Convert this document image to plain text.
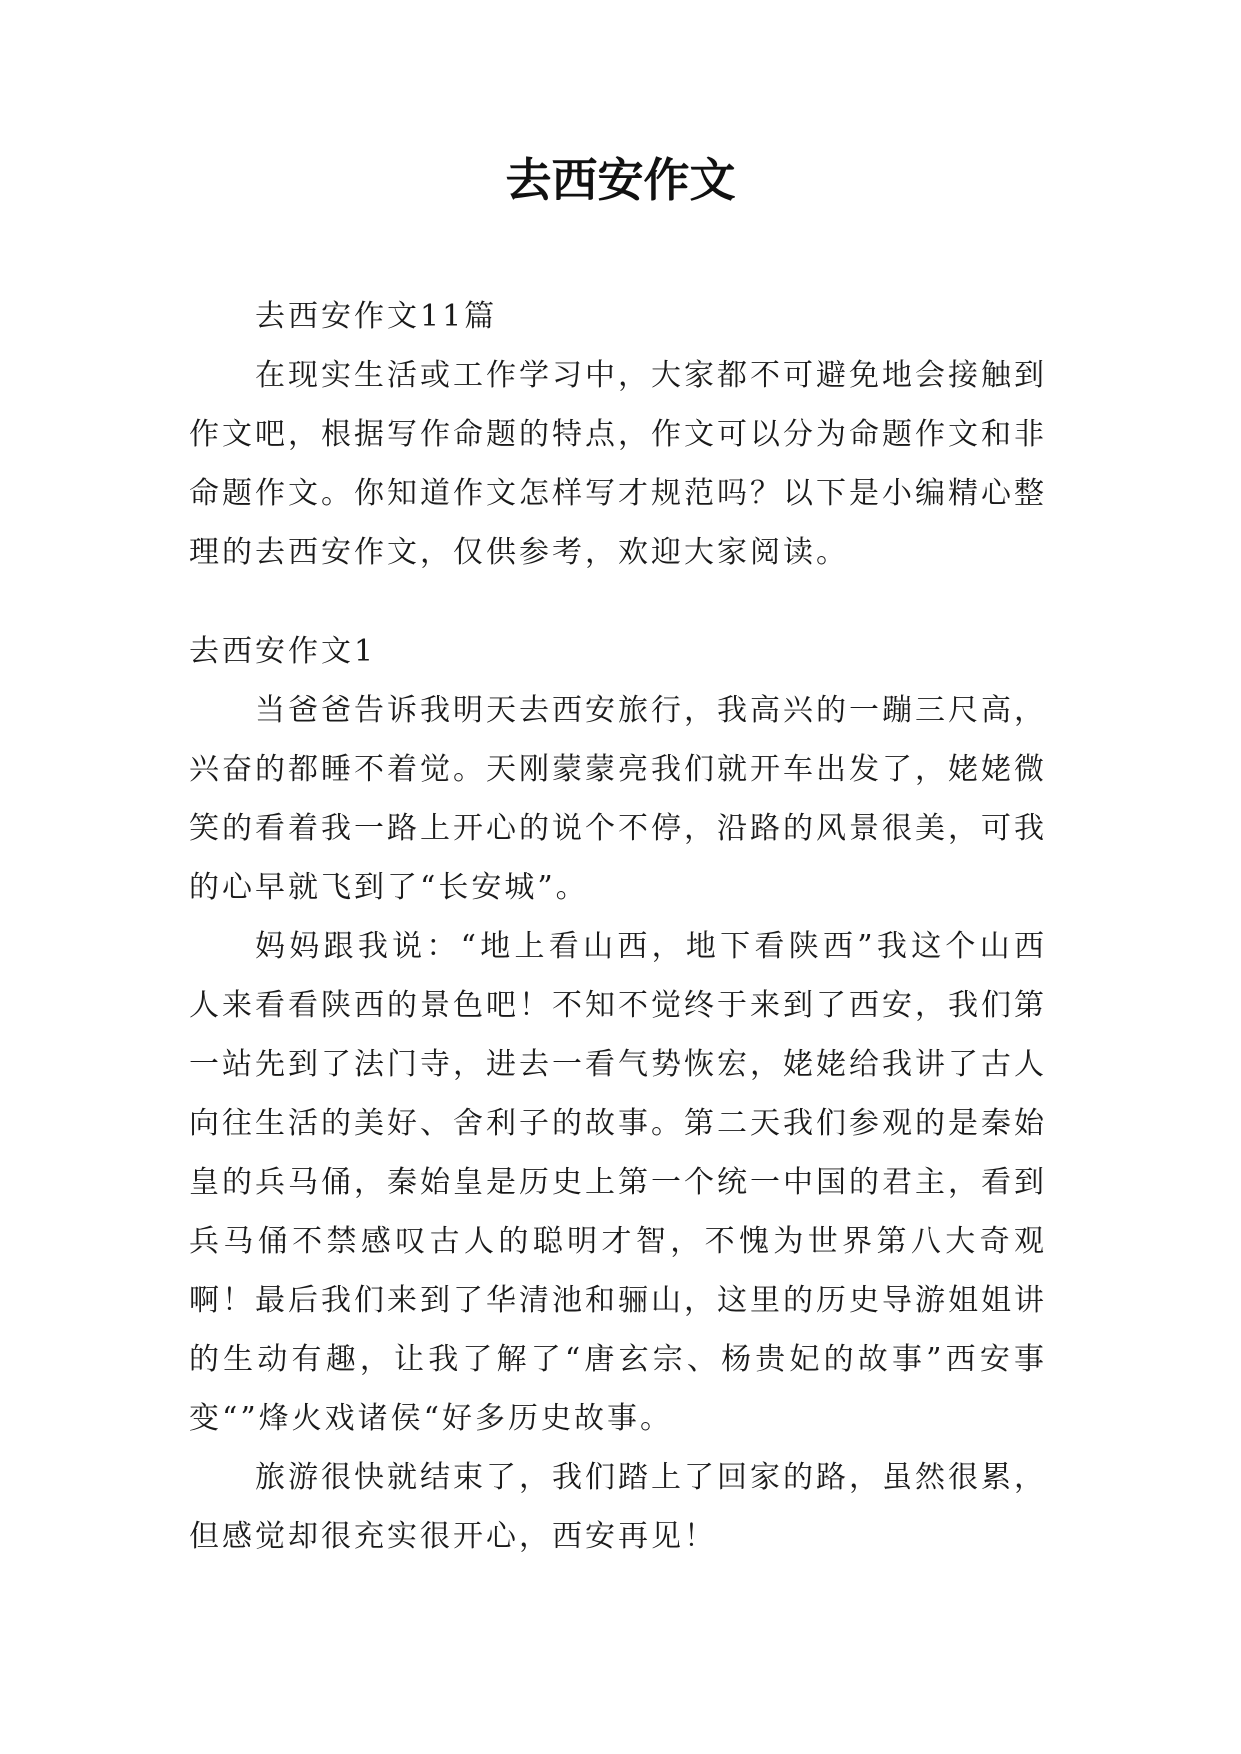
去西安作文

去西安作文11篇

在现实生活或工作学习中，大家都不可避免地会接触到作文吧，根据写作命题的特点，作文可以分为命题作文和非命题作文。你知道作文怎样写才规范吗？以下是小编精心整理的去西安作文，仅供参考，欢迎大家阅读。

去西安作文1

当爸爸告诉我明天去西安旅行，我高兴的一蹦三尺高，兴奋的都睡不着觉。天刚蒙蒙亮我们就开车出发了，姥姥微笑的看着我一路上开心的说个不停，沿路的风景很美，可我的心早就飞到了“长安城”。

妈妈跟我说：“地上看山西，地下看陕西”我这个山西人来看看陕西的景色吧！不知不觉终于来到了西安，我们第一站先到了法门寺，进去一看气势恢宏，姥姥给我讲了古人向往生活的美好、舍利子的故事。第二天我们参观的是秦始皇的兵马俑，秦始皇是历史上第一个统一中国的君主，看到兵马俑不禁感叹古人的聪明才智，不愧为世界第八大奇观啊！最后我们来到了华清池和骊山，这里的历史导游姐姐讲的生动有趣，让我了解了“唐玄宗、杨贵妃的故事”西安事变“”烽火戏诸侯“好多历史故事。

旅游很快就结束了，我们踏上了回家的路，虽然很累，但感觉却很充实很开心，西安再见！
